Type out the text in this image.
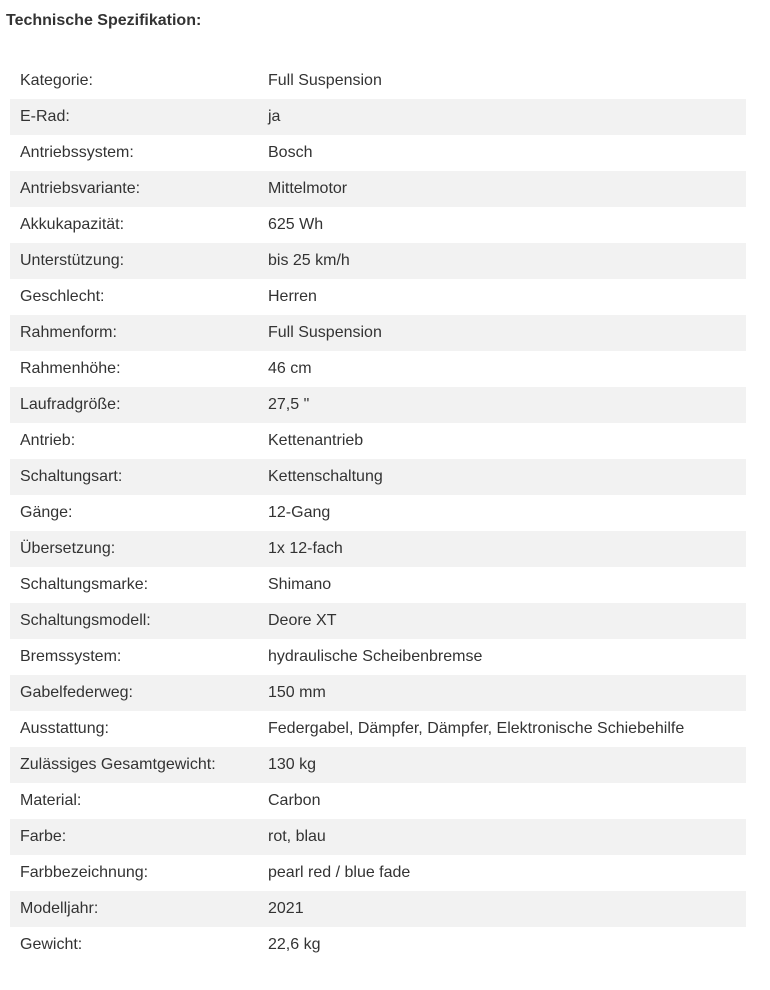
Technische Spezifikation:
Kategorie:	Full Suspension
E-Rad:	ja
Antriebssystem:	Bosch
Antriebsvariante:	Mittelmotor
Akkukapazität:	625 Wh
Unterstützung:	bis 25 km/h
Geschlecht:	Herren
Rahmenform:	Full Suspension
Rahmenhöhe:	46 cm
Laufradgröße:	27,5 "
Antrieb:	Kettenantrieb
Schaltungsart:	Kettenschaltung
Gänge:	12-Gang
Übersetzung:	1x 12-fach
Schaltungsmarke:	Shimano
Schaltungsmodell:	Deore XT
Bremssystem:	hydraulische Scheibenbremse
Gabelfederweg:	150 mm
Ausstattung:	Federgabel, Dämpfer, Dämpfer, Elektronische Schiebehilfe
Zulässiges Gesamtgewicht:	130 kg
Material:	Carbon
Farbe:	rot, blau
Farbbezeichnung:	pearl red / blue fade
Modelljahr:	2021
Gewicht:	22,6 kg
